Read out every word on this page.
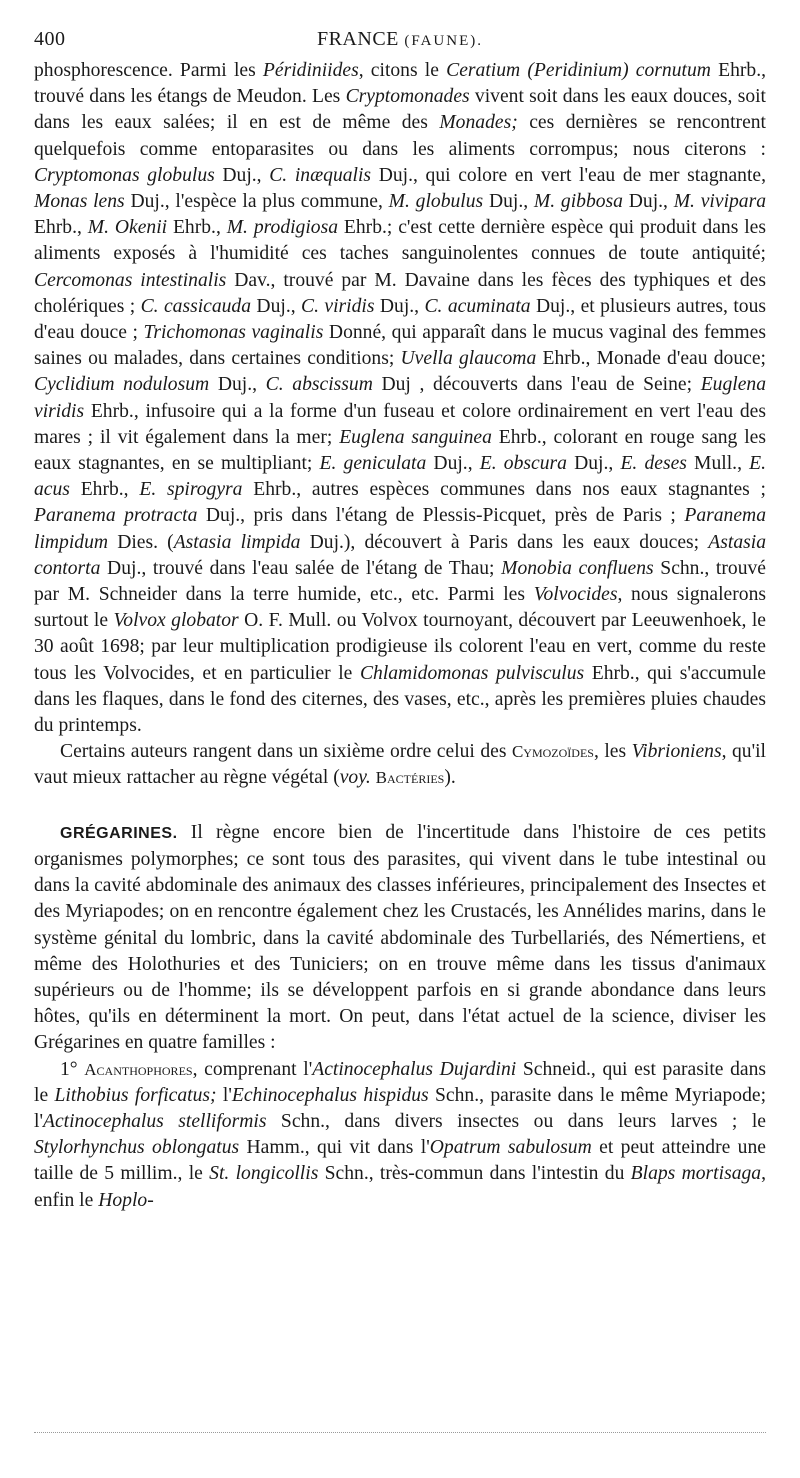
400	FRANCE (FAUNE).

phosphorescence. Parmi les Péridiniides, citons le Ceratium (Peridinium) cornutum Ehrb., trouvé dans les étangs de Meudon. Les Cryptomonades vivent soit dans les eaux douces, soit dans les eaux salées; il en est de même des Monades; ces dernières se rencontrent quelquefois comme entoparasites ou dans les aliments corrompus; nous citerons : Cryptomonas globulus Duj., C. inæqualis Duj., qui colore en vert l'eau de mer stagnante, Monas lens Duj., l'espèce la plus commune, M. globulus Duj., M. gibbosa Duj., M. vivipara Ehrb., M. Okenii Ehrb., M. prodigiosa Ehrb.; c'est cette dernière espèce qui produit dans les aliments exposés à l'humidité ces taches sanguinolentes connues de toute antiquité; Cercomonas intestinalis Dav., trouvé par M. Davaine dans les fèces des typhiques et des cholériques ; C. cassicauda Duj., C. viridis Duj., C. acuminata Duj., et plusieurs autres, tous d'eau douce ; Trichomonas vaginalis Donné, qui apparaît dans le mucus vaginal des femmes saines ou malades, dans certaines conditions; Uvella glaucoma Ehrb., Monade d'eau douce; Cyclidium nodulosum Duj., C. abscissum Duj , découverts dans l'eau de Seine; Euglena viridis Ehrb., infusoire qui a la forme d'un fuseau et colore ordinairement en vert l'eau des mares ; il vit également dans la mer; Euglena sanguinea Ehrb., colorant en rouge sang les eaux stagnantes, en se multipliant; E. geniculata Duj., E. obscura Duj., E. deses Mull., E. acus Ehrb., E. spirogyra Ehrb., autres espèces communes dans nos eaux stagnantes ; Paranema protracta Duj., pris dans l'étang de Plessis-Picquet, près de Paris ; Paranema limpidum Dies. (Astasia limpida Duj.), découvert à Paris dans les eaux douces; Astasia contorta Duj., trouvé dans l'eau salée de l'étang de Thau; Monobia confluens Schn., trouvé par M. Schneider dans la terre humide, etc., etc. Parmi les Volvocides, nous signalerons surtout le Volvox globator O. F. Mull. ou Volvox tournoyant, découvert par Leeuwenhoek, le 30 août 1698; par leur multiplication prodigieuse ils colorent l'eau en vert, comme du reste tous les Volvocides, et en particulier le Chlamidomonas pulvisculus Ehrb., qui s'accumule dans les flaques, dans le fond des citernes, des vases, etc., après les premières pluies chaudes du printemps.

Certains auteurs rangent dans un sixième ordre celui des Cymozoïdes, les Vibrioniens, qu'il vaut mieux rattacher au règne végétal (voy. Bactéries).

GRÉGARINES. Il règne encore bien de l'incertitude dans l'histoire de ces petits organismes polymorphes; ce sont tous des parasites, qui vivent dans le tube intestinal ou dans la cavité abdominale des animaux des classes inférieures, principalement des Insectes et des Myriapodes; on en rencontre également chez les Crustacés, les Annélides marins, dans le système génital du lombric, dans la cavité abdominale des Turbellariés, des Némertiens, et même des Holothuries et des Tuniciers; on en trouve même dans les tissus d'animaux supérieurs ou de l'homme; ils se développent parfois en si grande abondance dans leurs hôtes, qu'ils en déterminent la mort. On peut, dans l'état actuel de la science, diviser les Grégarines en quatre familles :

1° Acanthophores, comprenant l'Actinocephalus Dujardini Schneid., qui est parasite dans le Lithobius forficatus; l'Echinocephalus hispidus Schn., parasite dans le même Myriapode; l'Actinocephalus stelliformis Schn., dans divers insectes ou dans leurs larves ; le Stylorhynchus oblongatus Hamm., qui vit dans l'Opatrum sabulosum et peut atteindre une taille de 5 millim., le St. longicollis Schn., très-commun dans l'intestin du Blaps mortisaga, enfin le Hoplo-
